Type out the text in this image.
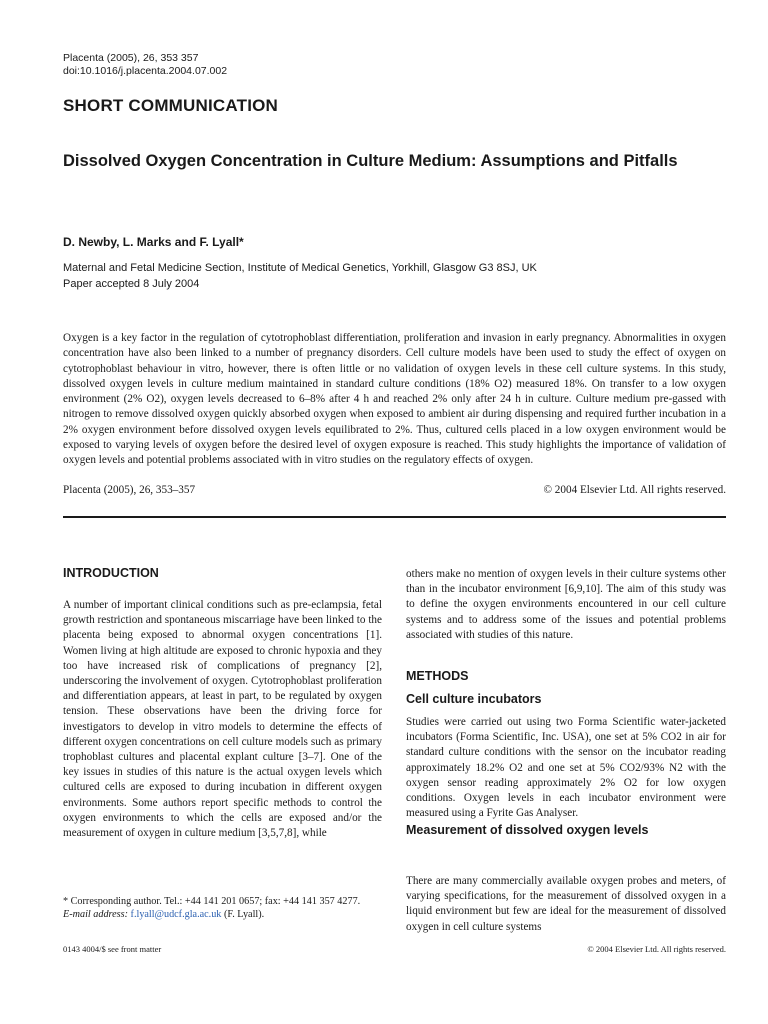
Placenta (2005), 26, 353 357
doi:10.1016/j.placenta.2004.07.002
SHORT COMMUNICATION
Dissolved Oxygen Concentration in Culture Medium: Assumptions and Pitfalls
D. Newby, L. Marks and F. Lyall*
Maternal and Fetal Medicine Section, Institute of Medical Genetics, Yorkhill, Glasgow G3 8SJ, UK
Paper accepted 8 July 2004
Oxygen is a key factor in the regulation of cytotrophoblast differentiation, proliferation and invasion in early pregnancy. Abnormalities in oxygen concentration have also been linked to a number of pregnancy disorders. Cell culture models have been used to study the effect of oxygen on cytotrophoblast behaviour in vitro, however, there is often little or no validation of oxygen levels in these cell culture systems. In this study, dissolved oxygen levels in culture medium maintained in standard culture conditions (18% O2) measured 18%. On transfer to a low oxygen environment (2% O2), oxygen levels decreased to 6–8% after 4 h and reached 2% only after 24 h in culture. Culture medium pre-gassed with nitrogen to remove dissolved oxygen quickly absorbed oxygen when exposed to ambient air during dispensing and required further incubation in a 2% oxygen environment before dissolved oxygen levels equilibrated to 2%. Thus, cultured cells placed in a low oxygen environment would be exposed to varying levels of oxygen before the desired level of oxygen exposure is reached. This study highlights the importance of validation of oxygen levels and potential problems associated with in vitro studies on the regulatory effects of oxygen.
Placenta (2005), 26, 353–357	© 2004 Elsevier Ltd. All rights reserved.
INTRODUCTION
A number of important clinical conditions such as pre-eclampsia, fetal growth restriction and spontaneous miscarriage have been linked to the placenta being exposed to abnormal oxygen concentrations [1]. Women living at high altitude are exposed to chronic hypoxia and they too have increased risk of complications of pregnancy [2], underscoring the involvement of oxygen. Cytotrophoblast proliferation and differentiation appears, at least in part, to be regulated by oxygen tension. These observations have been the driving force for investigators to develop in vitro models to determine the effects of different oxygen concentrations on cell culture models such as primary trophoblast cultures and placental explant culture [3–7]. One of the key issues in studies of this nature is the actual oxygen levels which cultured cells are exposed to during incubation in different oxygen environments. Some authors report specific methods to control the oxygen environments to which the cells are exposed and/or the measurement of oxygen in culture medium [3,5,7,8], while
others make no mention of oxygen levels in their culture systems other than in the incubator environment [6,9,10]. The aim of this study was to define the oxygen environments encountered in our cell culture systems and to address some of the issues and potential problems associated with studies of this nature.
METHODS
Cell culture incubators
Studies were carried out using two Forma Scientific water-jacketed incubators (Forma Scientific, Inc. USA), one set at 5% CO2 in air for standard culture conditions with the sensor on the incubator reading approximately 18.2% O2 and one set at 5% CO2/93% N2 with the oxygen sensor reading approximately 2% O2 for low oxygen conditions. Oxygen levels in each incubator environment were measured using a Fyrite Gas Analyser.
Measurement of dissolved oxygen levels
There are many commercially available oxygen probes and meters, of varying specifications, for the measurement of dissolved oxygen in a liquid environment but few are ideal for the measurement of dissolved oxygen in cell culture systems
* Corresponding author. Tel.: +44 141 201 0657; fax: +44 141 357 4277.
E-mail address: f.lyall@udcf.gla.ac.uk (F. Lyall).
0143 4004/$ see front matter	© 2004 Elsevier Ltd. All rights reserved.
